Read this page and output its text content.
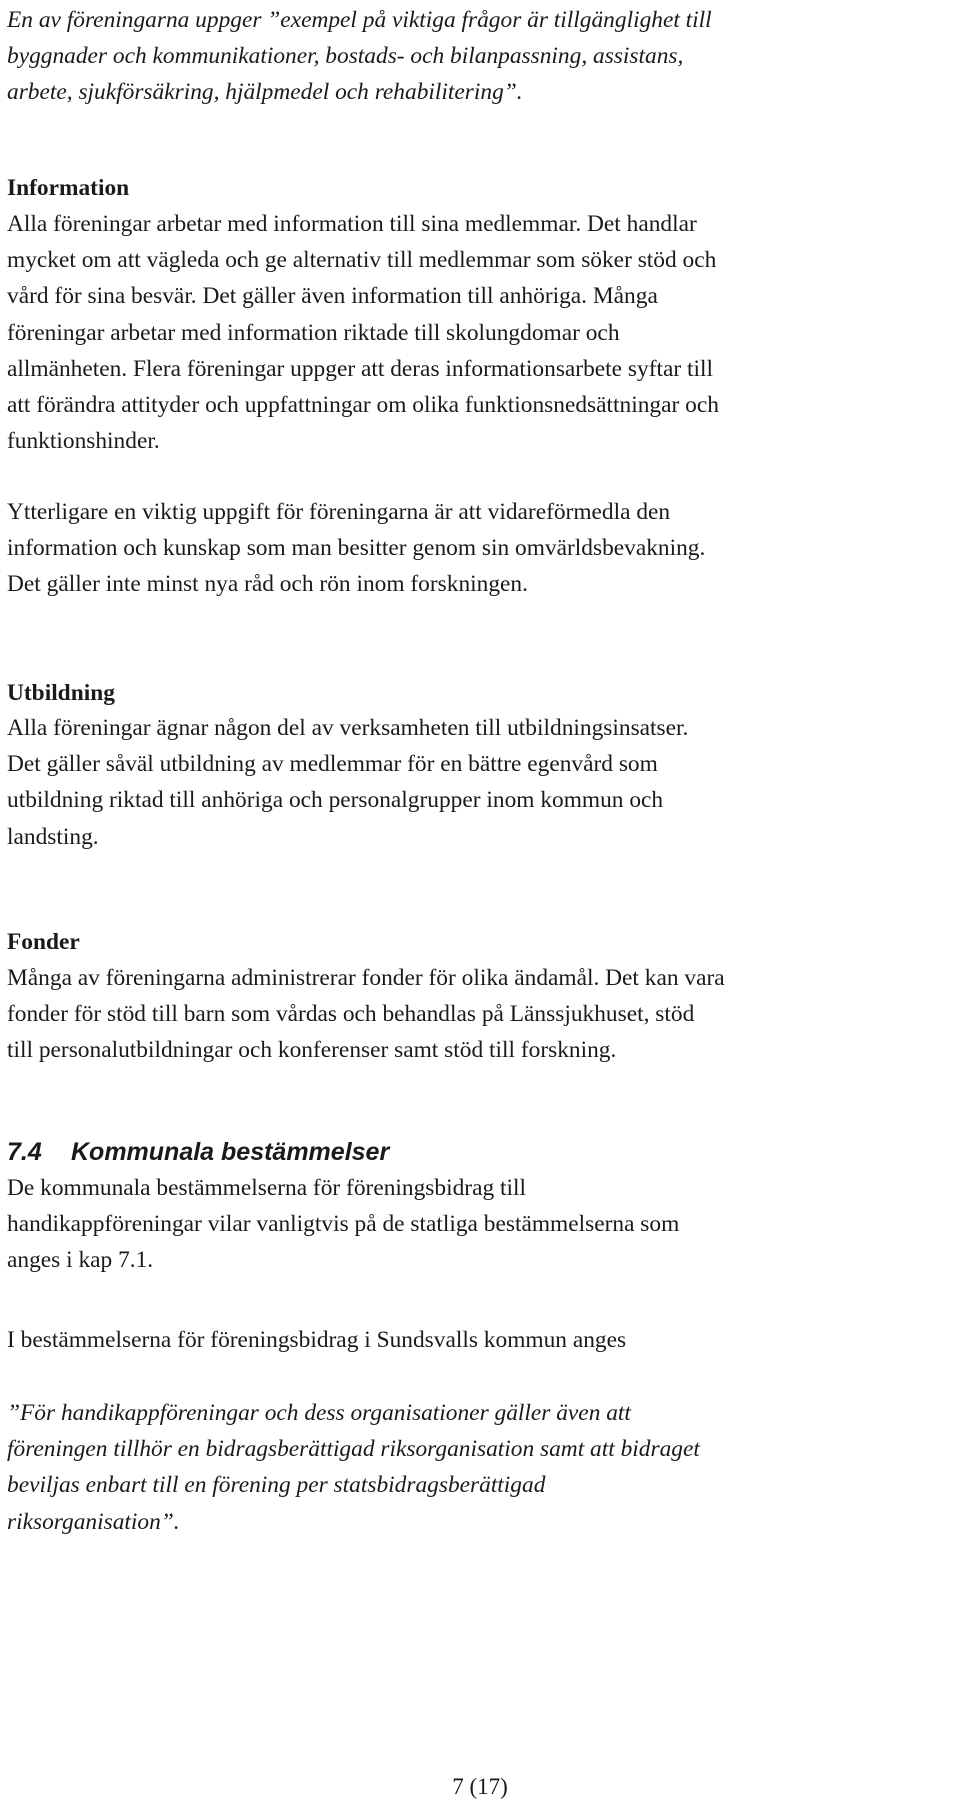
En av föreningarna uppger ”exempel på viktiga frågor är tillgänglighet till
byggnader och kommunikationer, bostads- och bilanpassning, assistans,
arbete, sjukförsäkring, hjälpmedel och rehabilitering”.

Information

Alla föreningar arbetar med information till sina medlemmar. Det handlar
mycket om att vägleda och ge alternativ till medlemmar som söker stöd och
vård för sina besvär. Det gäller även information till anhöriga. Många
föreningar arbetar med information riktade till skolungdomar och
allmänheten. Flera föreningar uppger att deras informationsarbete syftar till
att förändra attityder och uppfattningar om olika funktionsnedsättningar och
funktionshinder.

Ytterligare en viktig uppgift för föreningarna är att vidareförmedla den
information och kunskap som man besitter genom sin omvärldsbevakning.
Det gäller inte minst nya råd och rön inom forskningen.

Utbildning

Alla föreningar ägnar någon del av verksamheten till utbildningsinsatser.
Det gäller såväl utbildning av medlemmar för en bättre egenvård som
utbildning riktad till anhöriga och personalgrupper inom kommun och
landsting.

Fonder

Många av föreningarna administrerar fonder för olika ändamål. Det kan vara
fonder för stöd till barn som vårdas och behandlas på Länssjukhuset, stöd
till personalutbildningar och konferenser samt stöd till forskning.

7.4 Kommunala bestämmelser

De kommunala bestämmelserna för föreningsbidrag till
handikappföreningar vilar vanligtvis på de statliga bestämmelserna som
anges i kap 7.1.

I bestämmelserna för föreningsbidrag i Sundsvalls kommun anges

”För handikappföreningar och dess organisationer gäller även att
föreningen tillhör en bidragsberättigad riksorganisation samt att bidraget
beviljas enbart till en förening per statsbidragsberättigad
riksorganisation”.

7 (17)
